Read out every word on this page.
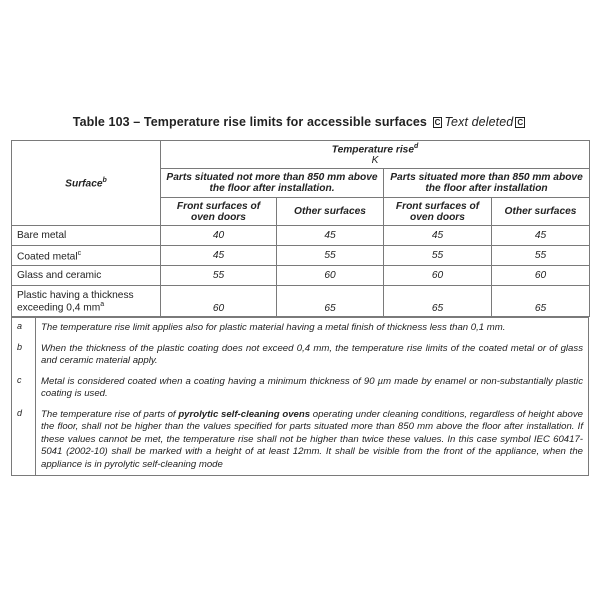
Table 103 – Temperature rise limits for accessible surfaces C Text deleted C
Surface$^b$	Temperature rise$^d$
K			

	Parts situated not more than 850 mm above the floor after installation.		Parts situated more than 850 mm above the floor after installation	
	Front surfaces of oven doors	Other surfaces	Front surfaces of oven doors	Other surfaces
Bare metal	40	45	45	45
Coated metal$^c$	45	55	55	55
Glass and ceramic	55	60	60	60
Plastic having a thickness exceeding 0,4 $mm^a$	60	65	65	65
a	The temperature rise limit applies also for plastic material having a metal finish of thickness less than 0,1 mm.
b	When the thickness of the plastic coating does not exceed 0,4 mm, the temperature rise limits of the coated metal or of glass and ceramic material apply.
c	Metal is considered coated when a coating having a minimum thickness of 90 µm made by enamel or non-substantially plastic coating is used.
d	The temperature rise of parts of pyrolytic self-cleaning ovens operating under cleaning conditions, regardless of height above the floor, shall not be higher than the values specified for parts situated more than 850 mm above the floor after installation. If these values cannot be met, the temperature rise shall not be higher than twice these values. In this case symbol IEC 60417-5041 (2002-10) shall be marked with a height of at least 12mm. It shall be visible from the front of the appliance, when the appliance is in pyrolytic self-cleaning mode
